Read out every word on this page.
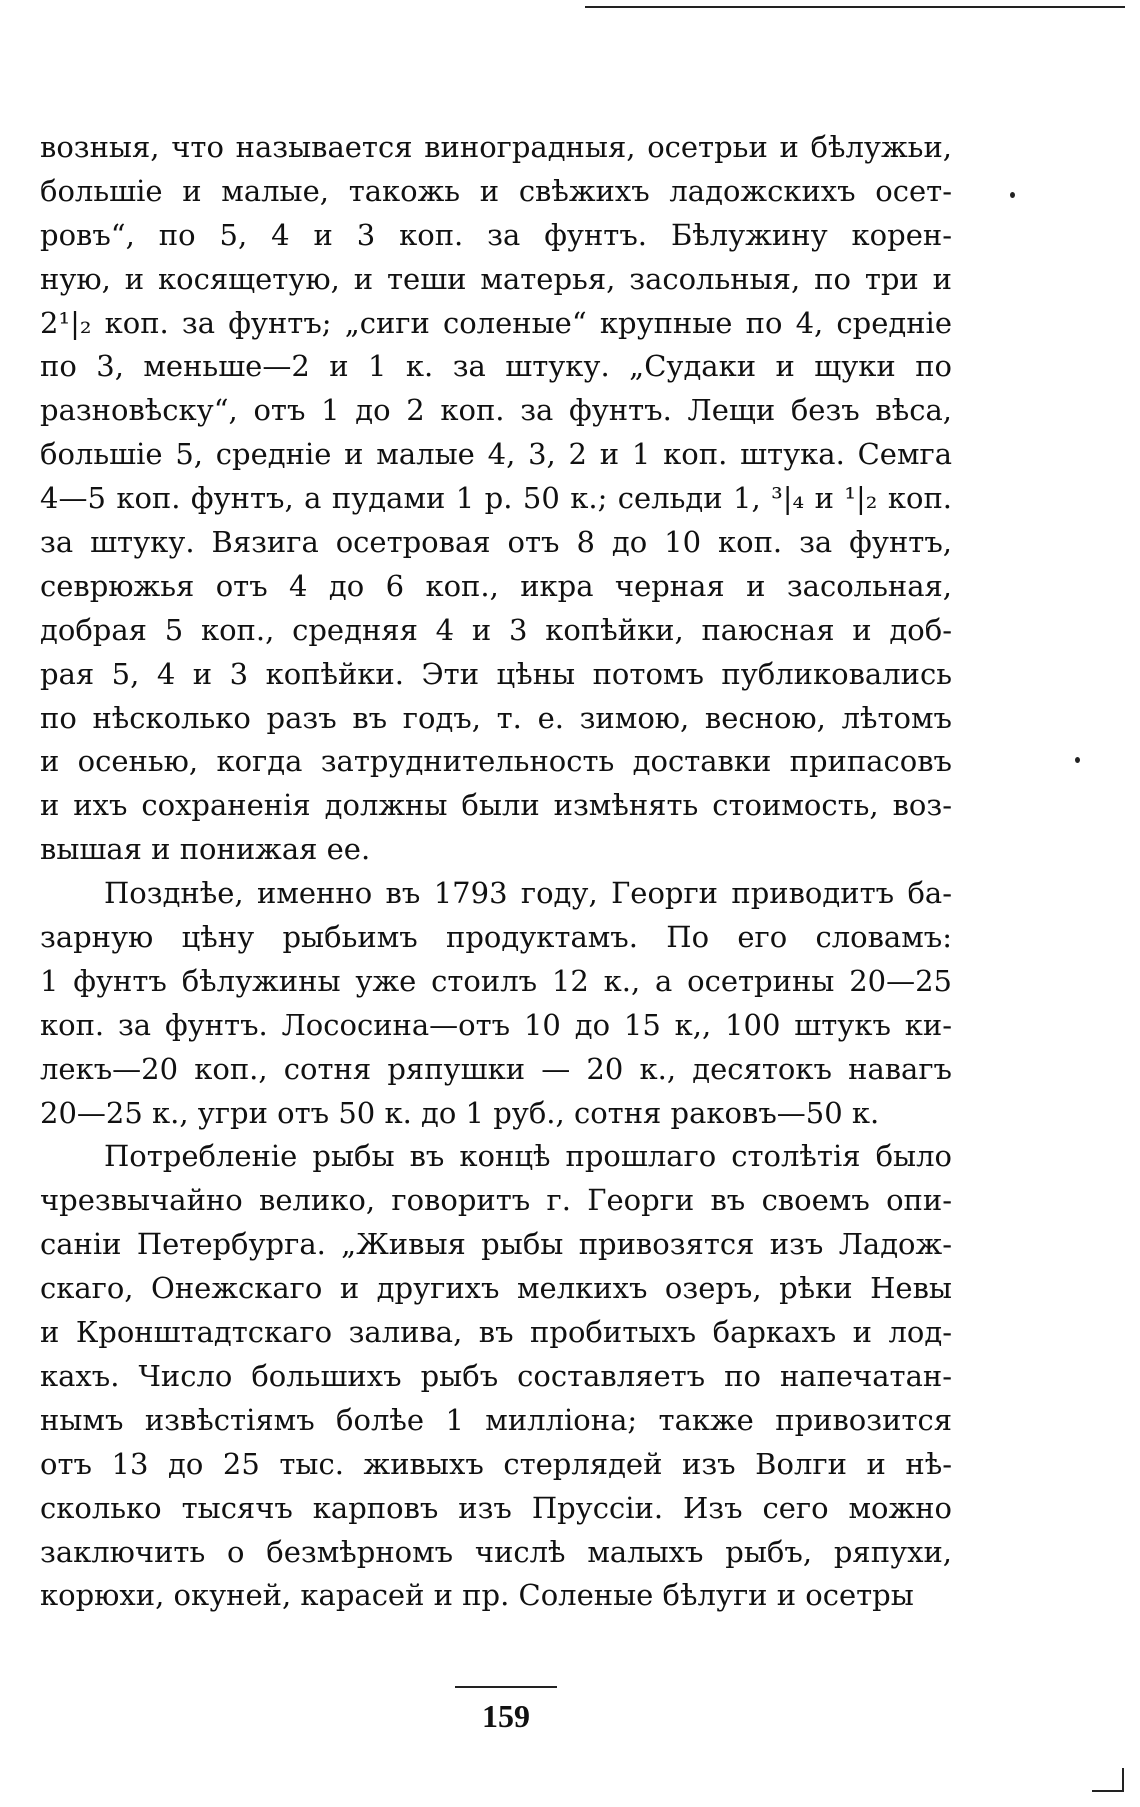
возныя, что называется виноградныя, осетрьи и бѣлужьи,
большіе и малые, такожь и свѣжихъ ладожскихъ осет-
ровъ“, по 5, 4 и 3 коп. за фунтъ. Бѣлужину корен-
ную, и косящетую, и теши матерья, засольныя, по три и
2¹|₂ коп. за фунтъ; „сиги соленые“ крупные по 4, средніе
по 3, меньше—2 и 1 к. за штуку. „Судаки и щуки по
разновѣску“, отъ 1 до 2 коп. за фунтъ. Лещи безъ вѣса,
большіе 5, средніе и малые 4, 3, 2 и 1 коп. штука. Семга
4—5 коп. фунтъ, а пудами 1 р. 50 к.; сельди 1, ³|₄ и ¹|₂ коп.
за штуку. Вязига осетровая отъ 8 до 10 коп. за фунтъ,
севрюжья отъ 4 до 6 коп., икра черная и засольная,
добрая 5 коп., средняя 4 и 3 копѣйки, паюсная и доб-
рая 5, 4 и 3 копѣйки. Эти цѣны потомъ публиковались
по нѣсколько разъ въ годъ, т. е. зимою, весною, лѣтомъ
и осенью, когда затруднительность доставки припасовъ
и ихъ сохраненія должны были измѣнять стоимость, воз-
вышая и понижая ее.
Позднѣе, именно въ 1793 году, Георги приводитъ ба-
зарную цѣну рыбьимъ продуктамъ. По его словамъ:
1 фунтъ бѣлужины уже стоилъ 12 к., а осетрины 20—25
коп. за фунтъ. Лососина—отъ 10 до 15 к,, 100 штукъ ки-
лекъ—20 коп., сотня ряпушки — 20 к., десятокъ навагъ
20—25 к., угри отъ 50 к. до 1 руб., сотня раковъ—50 к.
Потребленіе рыбы въ концѣ прошлаго столѣтія было
чрезвычайно велико, говоритъ г. Георги въ своемъ опи-
саніи Петербурга. „Живыя рыбы привозятся изъ Ладож-
скаго, Онежскаго и другихъ мелкихъ озеръ, рѣки Невы
и Кронштадтскаго залива, въ пробитыхъ баркахъ и лод-
кахъ. Число большихъ рыбъ составляетъ по напечатан-
нымъ извѣстіямъ болѣе 1 милліона; также привозится
отъ 13 до 25 тыс. живыхъ стерлядей изъ Волги и нѣ-
сколько тысячъ карповъ изъ Пруссіи. Изъ сего можно
заключить о безмѣрномъ числѣ малыхъ рыбъ, ряпухи,
корюхи, окуней, карасей и пр. Соленые бѣлуги и осетры
159
